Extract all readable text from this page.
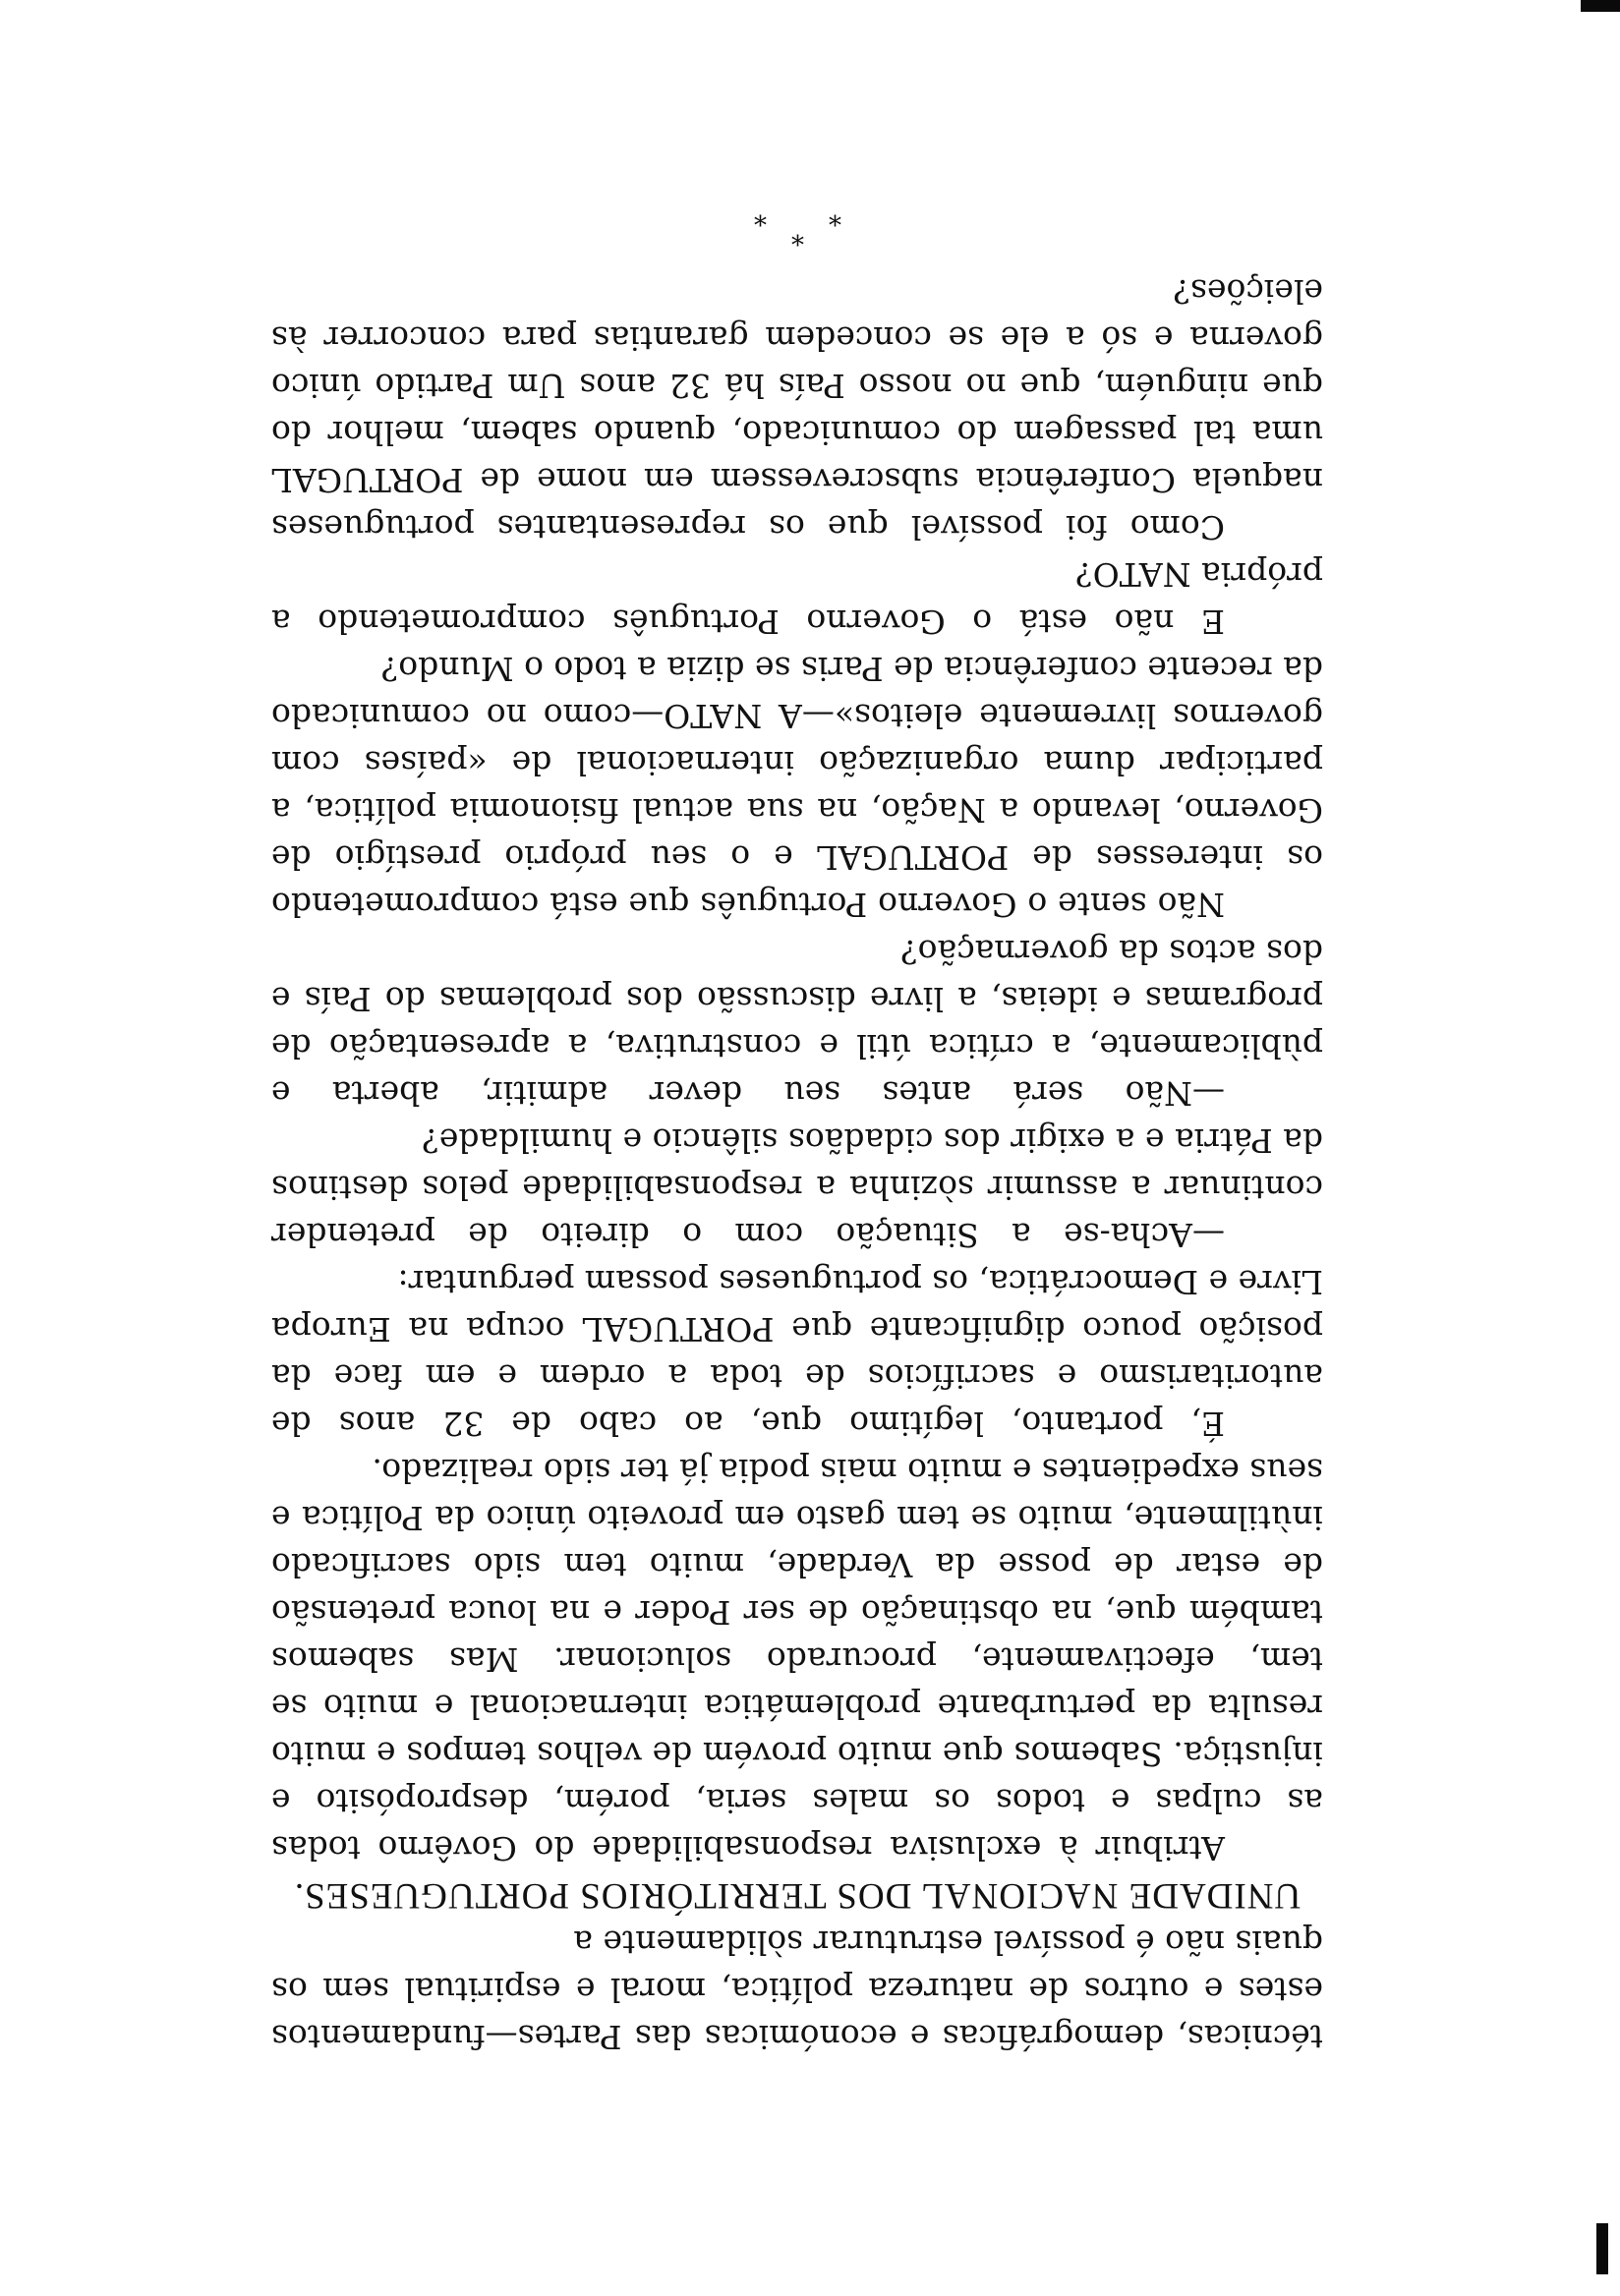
técnicas, demográficas e económicas das Partes—fundamentos estes e outros de natureza política, moral e espiritual sem os quais não é possível estruturar sòlidamente a

UNIDADE NACIONAL DOS TERRITÓRIOS PORTUGUESES.

Atribuir à exclusiva responsabilidade do Govêrno todas as culpas e todos os males seria, porém, despropósito e injustiça. Sabemos que muito provém de velhos tempos e muito resulta da perturbante problemática internacional e muito se tem, efectivamente, procurado solucionar. Mas sabemos também que, na obstinação de ser Poder e na louca pretensão de estar de posse da Verdade, muito tem sido sacrificado inùtilmente, muito se tem gasto em proveito único da Política e seus expedientes e muito mais podia já ter sido realizado.

É, portanto, legítimo que, ao cabo de 32 anos de autoritarismo e sacrifícios de toda a ordem e em face da posição pouco dignificante que PORTUGAL ocupa na Europa Livre e Democrática, os portugueses possam perguntar:

—Acha-se a Situação com o direito de pretender continuar a assumir sòzinha a responsabilidade pelos destinos da Pátria e a exigir dos cidadãos silêncio e humildade?

—Não será antes seu dever admitir, aberta e pùblicamente, a crítica útil e construtiva, a apresentação de programas e ideias, a livre discussão dos problemas do País e dos actos da governação?

Não sente o Governo Português que está comprometendo os interesses de PORTUGAL e o seu próprio prestígio de Governo, levando a Nação, na sua actual fisionomia política, a participar duma organização internacional de «países com governos livremente eleitos»—A NATO—como no comunicado da recente conferência de Paris se dizia a todo o Mundo?

E não está o Governo Português comprometendo a própria NATO?

Como foi possível que os representantes portugueses naquela Conferência subscrevessem em nome de PORTUGAL uma tal passagem do comunicado, quando sabem, melhor do que ninguém, que no nosso País há 32 anos Um Partido único governa e só a ele se concedem garantias para concorrer às eleições?

*
*
*
